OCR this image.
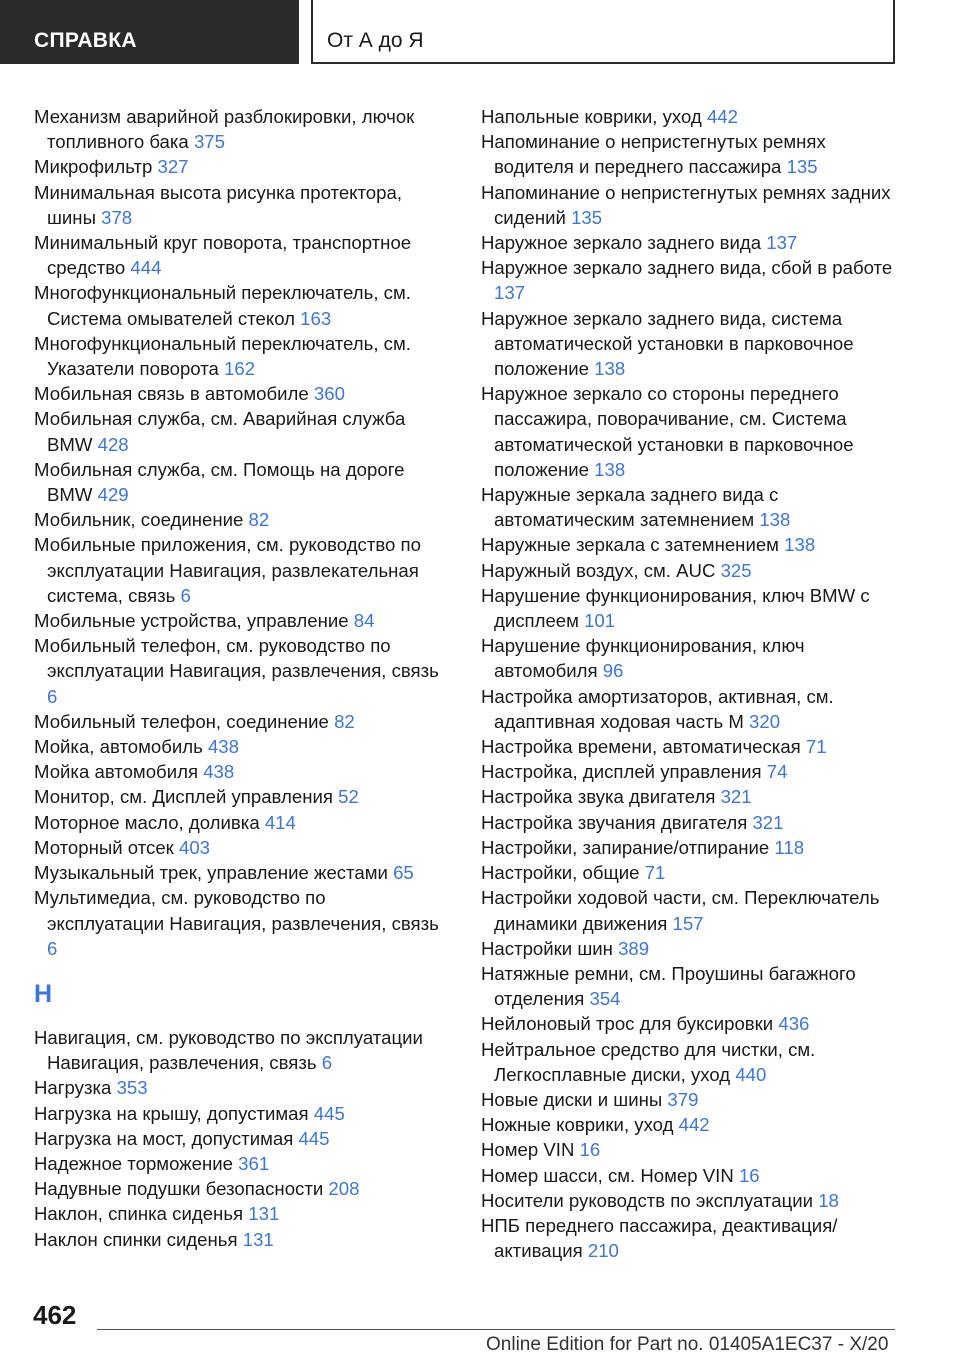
СПРАВКА	От А до Я
Механизм аварийной разблокировки, лючок топливного бака 375
Микрофильтр 327
Минимальная высота рисунка протектора, шины 378
Минимальный круг поворота, транспортное средство 444
Многофункциональный переключатель, см. Система омывателей стекол 163
Многофункциональный переключатель, см. Указатели поворота 162
Мобильная связь в автомобиле 360
Мобильная служба, см. Аварийная служба BMW 428
Мобильная служба, см. Помощь на дороге BMW 429
Мобильник, соединение 82
Мобильные приложения, см. руководство по эксплуатации Навигация, развлекательная система, связь 6
Мобильные устройства, управление 84
Мобильный телефон, см. руководство по эксплуатации Навигация, развлечения, связь 6
Мобильный телефон, соединение 82
Мойка, автомобиль 438
Мойка автомобиля 438
Монитор, см. Дисплей управления 52
Моторное масло, доливка 414
Моторный отсек 403
Музыкальный трек, управление жестами 65
Мультимедиа, см. руководство по эксплуатации Навигация, развлечения, связь 6
Н
Навигация, см. руководство по эксплуатации Навигация, развлечения, связь 6
Нагрузка 353
Нагрузка на крышу, допустимая 445
Нагрузка на мост, допустимая 445
Надежное торможение 361
Надувные подушки безопасности 208
Наклон, спинка сиденья 131
Наклон спинки сиденья 131
Напольные коврики, уход 442
Напоминание о непристегнутых ремнях водителя и переднего пассажира 135
Напоминание о непристегнутых ремнях задних сидений 135
Наружное зеркало заднего вида 137
Наружное зеркало заднего вида, сбой в работе 137
Наружное зеркало заднего вида, система автоматической установки в парковочное положение 138
Наружное зеркало со стороны переднего пассажира, поворачивание, см. Система автоматической установки в парковочное положение 138
Наружные зеркала заднего вида с автоматическим затемнением 138
Наружные зеркала с затемнением 138
Наружный воздух, см. AUC 325
Нарушение функционирования, ключ BMW с дисплеем 101
Нарушение функционирования, ключ автомобиля 96
Настройка амортизаторов, активная, см. адаптивная ходовая часть M 320
Настройка времени, автоматическая 71
Настройка, дисплей управления 74
Настройка звука двигателя 321
Настройка звучания двигателя 321
Настройки, запирание/отпирание 118
Настройки, общие 71
Настройки ходовой части, см. Переключатель динамики движения 157
Настройки шин 389
Натяжные ремни, см. Проушины багажного отделения 354
Нейлоновый трос для буксировки 436
Нейтральное средство для чистки, см. Легкосплавные диски, уход 440
Новые диски и шины 379
Ножные коврики, уход 442
Номер VIN 16
Номер шасси, см. Номер VIN 16
Носители руководств по эксплуатации 18
НПБ переднего пассажира, деактивация/активация 210
462
Online Edition for Part no. 01405A1EC37 - X/20
